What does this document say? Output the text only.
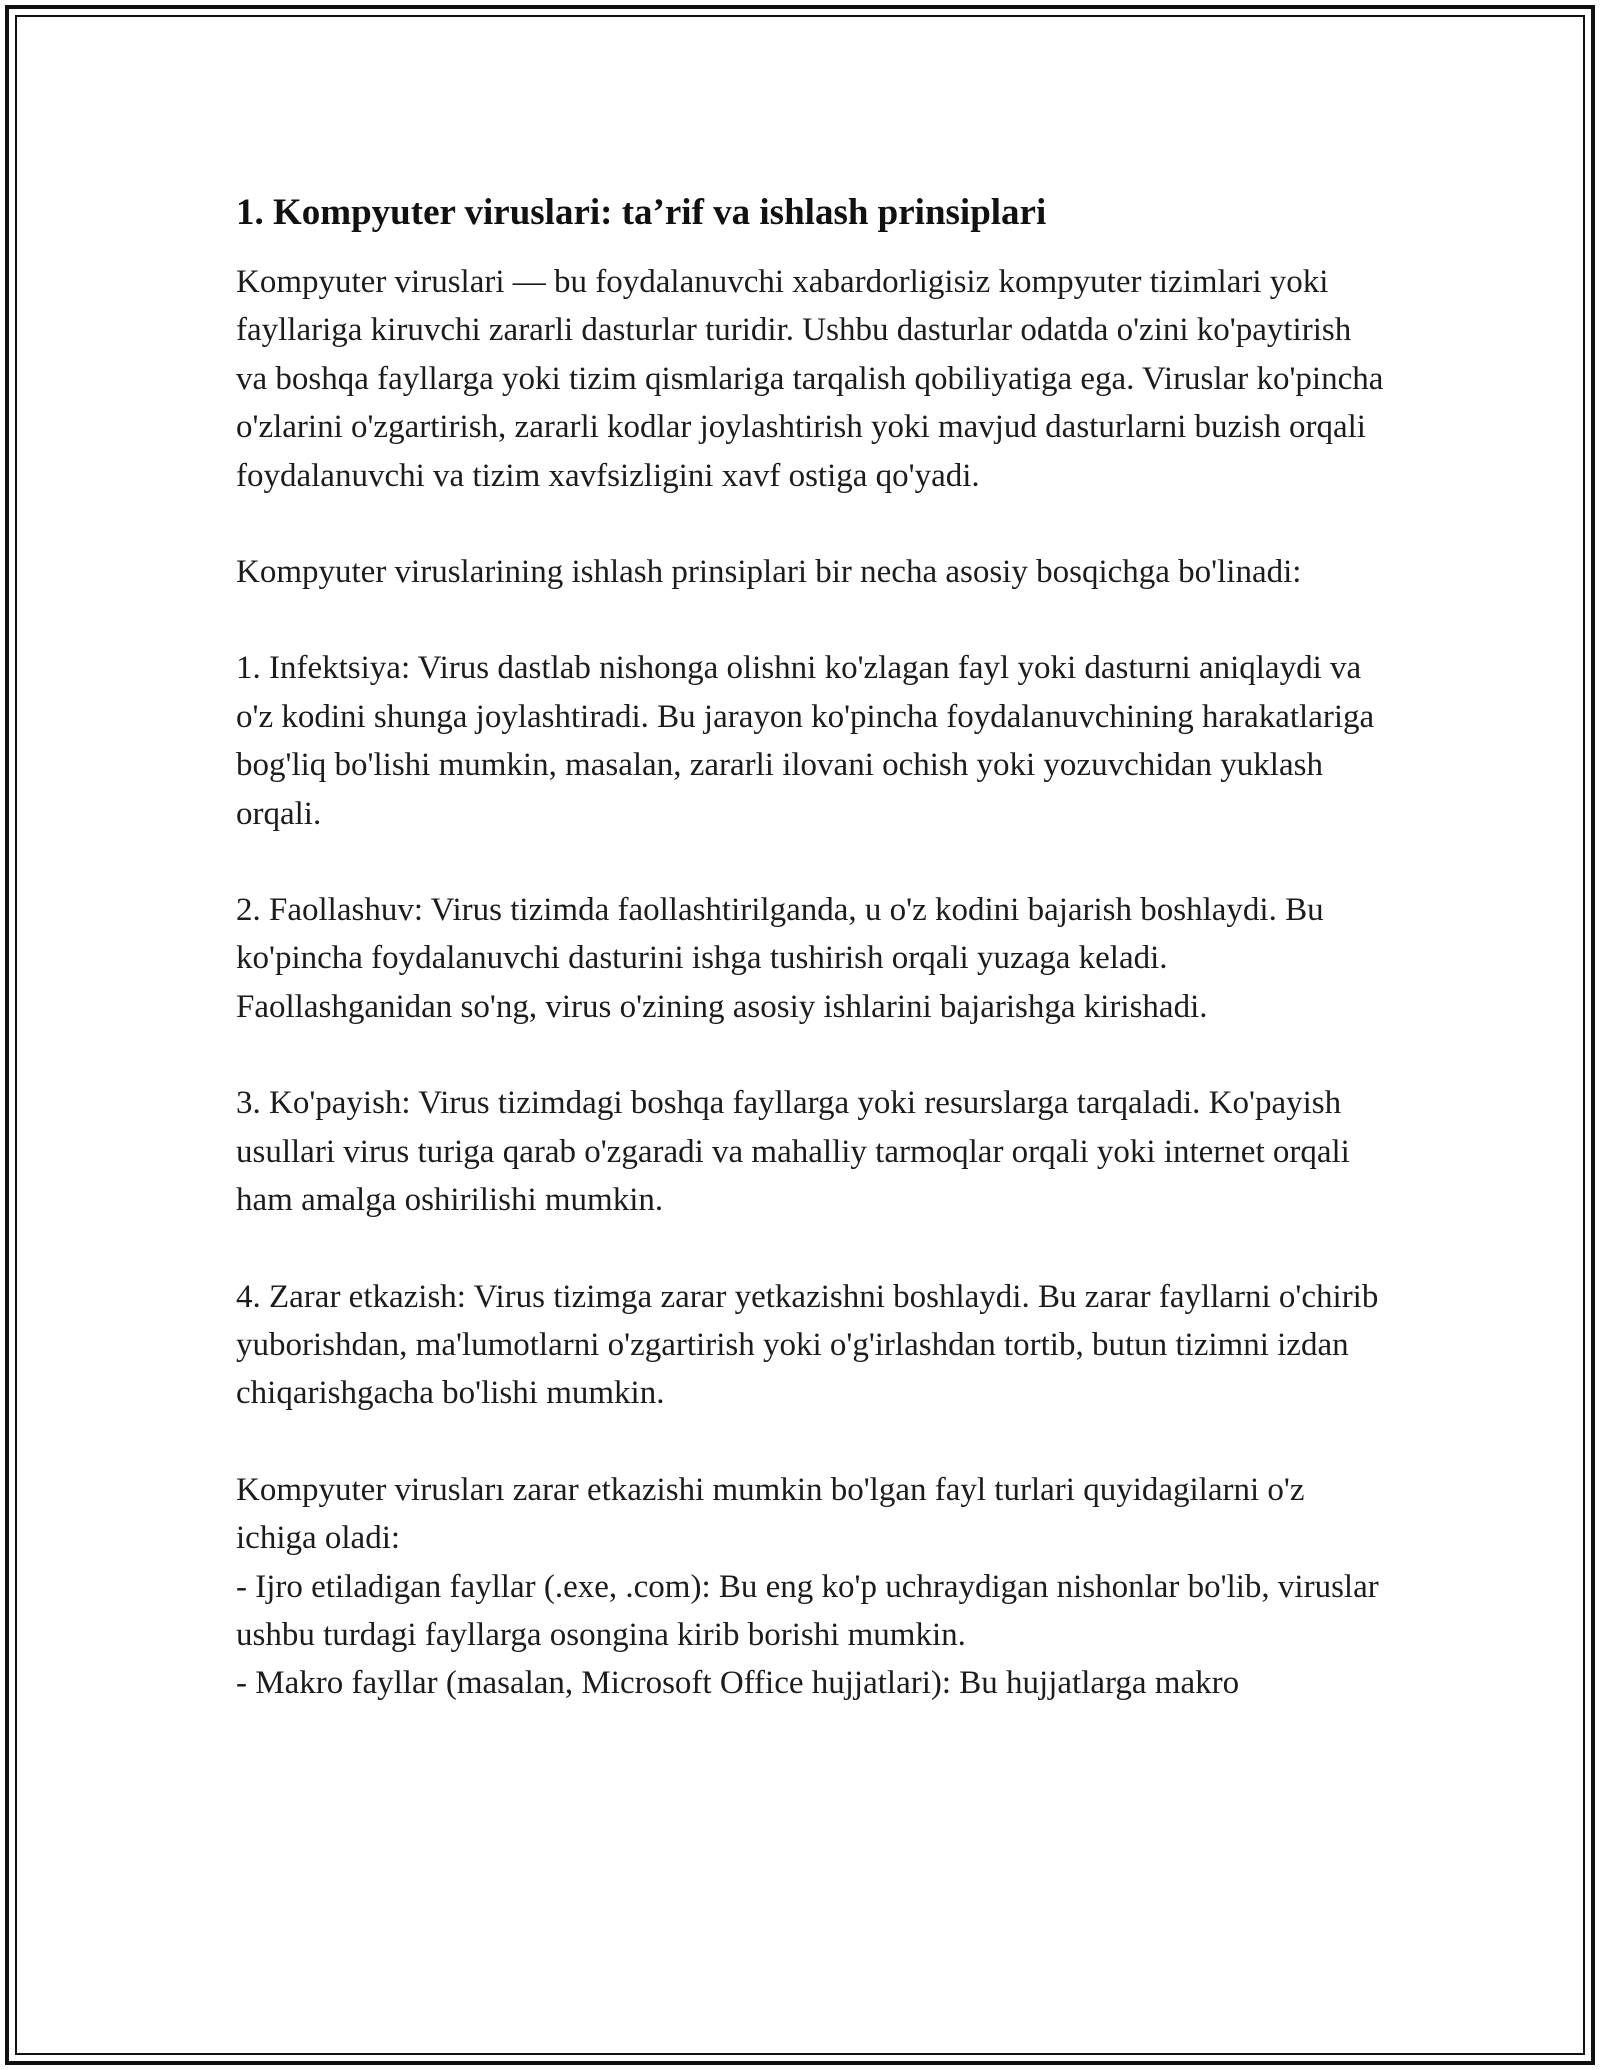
1. Kompyuter viruslari: ta’rif va ishlash prinsiplari

Kompyuter viruslari — bu foydalanuvchi xabardorligisiz kompyuter tizimlari yoki fayllariga kiruvchi zararli dasturlar turidir. Ushbu dasturlar odatda o'zini ko'paytirish va boshqa fayllarga yoki tizim qismlariga tarqalish qobiliyatiga ega. Viruslar ko'pincha o'zlarini o'zgartirish, zararli kodlar joylashtirish yoki mavjud dasturlarni buzish orqali foydalanuvchi va tizim xavfsizligini xavf ostiga qo'yadi.

Kompyuter viruslarining ishlash prinsiplari bir necha asosiy bosqichga bo'linadi:

1. Infektsiya: Virus dastlab nishonga olishni ko'zlagan fayl yoki dasturni aniqlaydi va o'z kodini shunga joylashtiradi. Bu jarayon ko'pincha foydalanuvchining harakatlariga bog'liq bo'lishi mumkin, masalan, zararli ilovani ochish yoki yozuvchidan yuklash orqali.

2. Faollashuv: Virus tizimda faollashtirilganda, u o'z kodini bajarish boshlaydi. Bu ko'pincha foydalanuvchi dasturini ishga tushirish orqali yuzaga keladi. Faollashganidan so'ng, virus o'zining asosiy ishlarini bajarishga kirishadi.

3. Ko'payish: Virus tizimdagi boshqa fayllarga yoki resurslarga tarqaladi. Ko'payish usullari virus turiga qarab o'zgaradi va mahalliy tarmoqlar orqali yoki internet orqali ham amalga oshirilishi mumkin.

4. Zarar etkazish: Virus tizimga zarar yetkazishni boshlaydi. Bu zarar fayllarni o'chirib yuborishdan, ma'lumotlarni o'zgartirish yoki o'g'irlashdan tortib, butun tizimni izdan chiqarishgacha bo'lishi mumkin.

Kompyuter virusları zarar etkazishi mumkin bo'lgan fayl turlari quyidagilarni o'z ichiga oladi:

- Ijro etiladigan fayllar (.exe, .com): Bu eng ko'p uchraydigan nishonlar bo'lib, viruslar ushbu turdagi fayllarga osongina kirib borishi mumkin.

- Makro fayllar (masalan, Microsoft Office hujjatlari): Bu hujjatlarga makro
